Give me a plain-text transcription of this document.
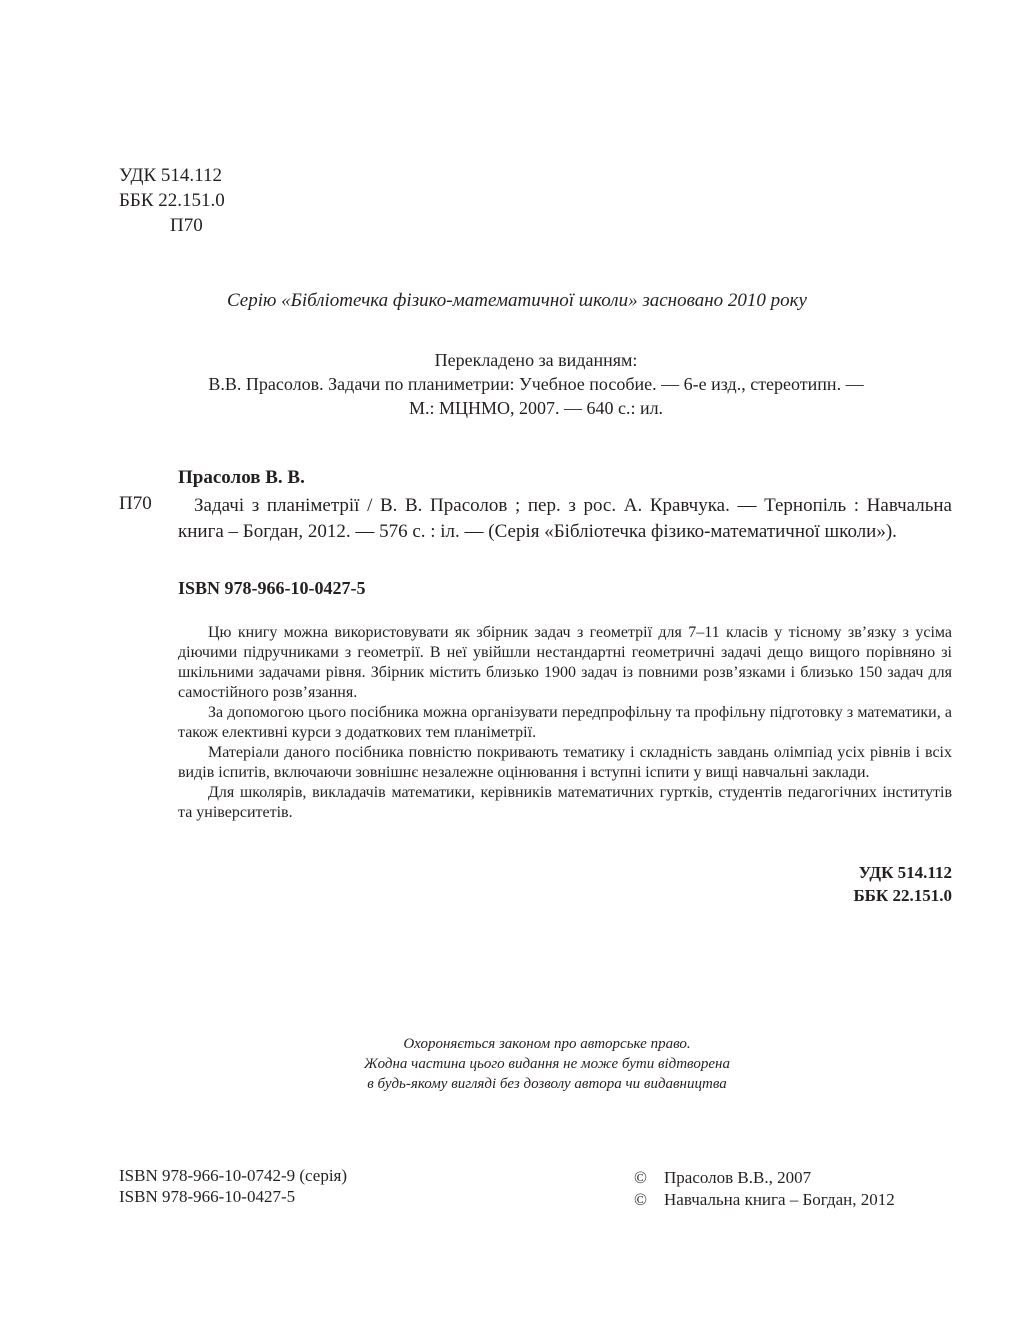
УДК 514.112
ББК 22.151.0
П70
Серію «Бібліотечка фізико-математичної школи» засновано 2010 року
Перекладено за виданням:
В.В. Прасолов. Задачи по планиметрии: Учебное пособие. — 6-е изд., стереотипн. —
М.: МЦНМО, 2007. — 640 с.: ил.
Прасолов В. В.
П70	Задачі з планіметрії / В. В. Прасолов ; пер. з рос. А. Кравчука. — Тернопіль : Навчальна книга – Богдан, 2012. — 576 с. : іл. — (Серія «Бібліотечка фізико-математичної школи»).
ISBN 978-966-10-0427-5

Цю книгу можна використовувати як збірник задач з геометрії для 7–11 класів у тісному зв’язку з усіма діючими підручниками з геометрії. В неї увійшли нестандартні геометричні задачі дещо вищого порівняно зі шкільними задачами рівня. Збірник містить близько 1900 задач із повними розв’язками і близько 150 задач для самостійного розв’язання.

За допомогою цього посібника можна організувати передпрофільну та профільну підготовку з математики, а також елективні курси з додаткових тем планіметрії.

Матеріали даного посібника повністю покривають тематику і складність завдань олімпіад усіх рівнів і всіх видів іспитів, включаючи зовнішнє незалежне оцінювання і вступні іспити у вищі навчальні заклади.

Для школярів, викладачів математики, керівників математичних гуртків, студентів педагогічних інститутів та університетів.

УДК 514.112
ББК 22.151.0
Охороняється законом про авторське право.
Жодна частина цього видання не може бути відтворена
в будь-якому вигляді без дозволу автора чи видавництва
ISBN 978-966-10-0742-9 (серія)
ISBN 978-966-10-0427-5
© Прасолов В.В., 2007
© Навчальна книга – Богдан, 2012
